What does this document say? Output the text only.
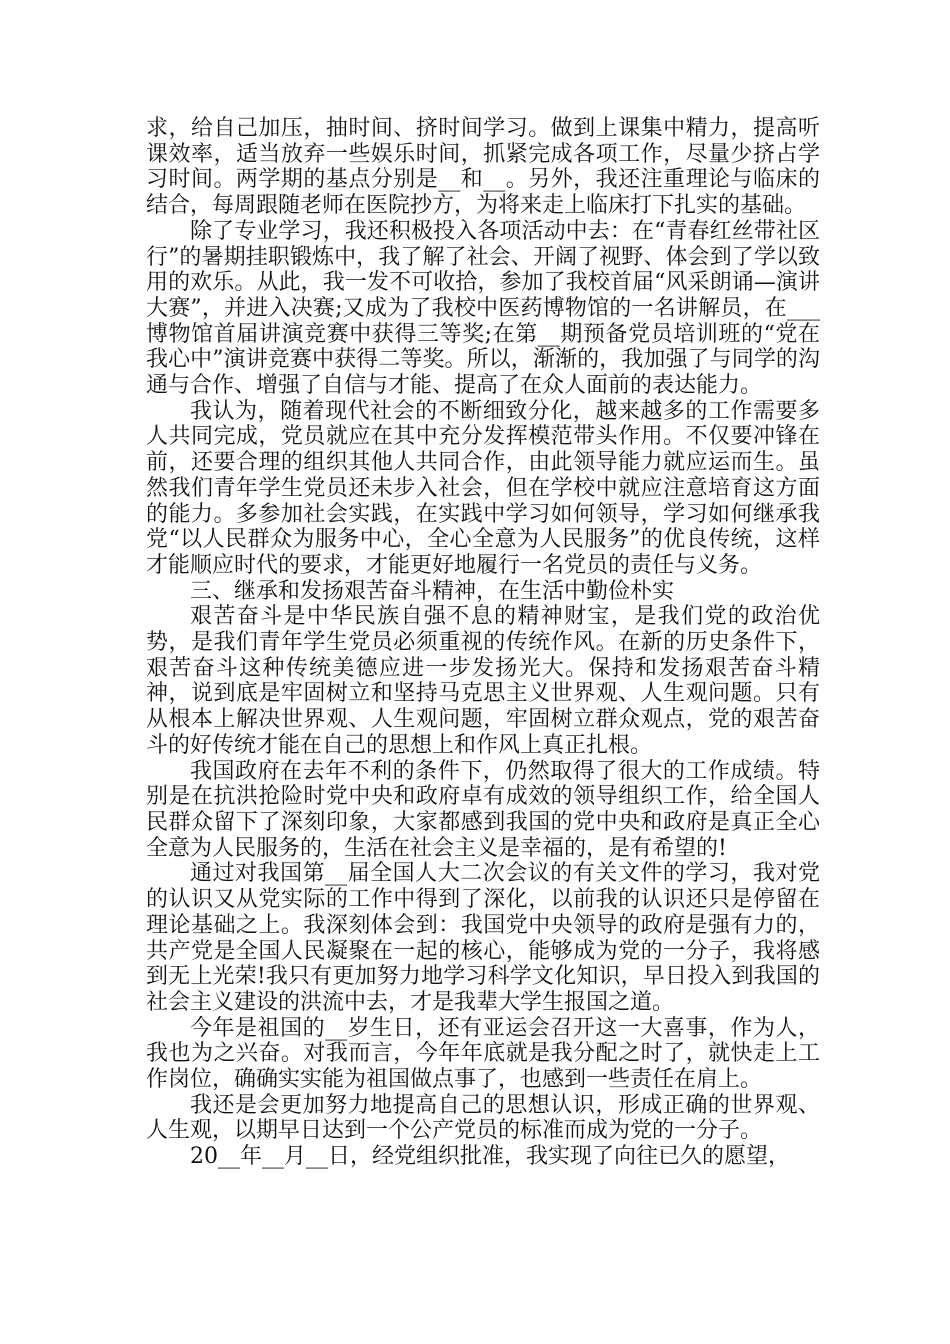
求，给自己加压，抽时间、挤时间学习。做到上课集中精力，提高听课效率，适当放弃一些娱乐时间，抓紧完成各项工作，尽量少挤占学习时间。两学期的基点分别是__和__。另外，我还注重理论与临床的结合，每周跟随老师在医院抄方，为将来走上临床打下扎实的基础。

除了专业学习，我还积极投入各项活动中去：在“青春红丝带社区行”的暑期挂职锻炼中，我了解了社会、开阔了视野、体会到了学以致用的欢乐。从此，我一发不可收拾，参加了我校首届“风采朗诵—演讲大赛”，并进入决赛;又成为了我校中医药博物馆的一名讲解员，在___博物馆首届讲演竞赛中获得三等奖;在第__期预备党员培训班的“党在我心中”演讲竞赛中获得二等奖。所以，渐渐的，我加强了与同学的沟通与合作、增强了自信与才能、提高了在众人面前的表达能力。

我认为，随着现代社会的不断细致分化，越来越多的工作需要多人共同完成，党员就应在其中充分发挥模范带头作用。不仅要冲锋在前，还要合理的组织其他人共同合作，由此领导能力就应运而生。虽然我们青年学生党员还未步入社会，但在学校中就应注意培育这方面的能力。多参加社会实践，在实践中学习如何领导，学习如何继承我党“以人民群众为服务中心，全心全意为人民服务”的优良传统，这样才能顺应时代的要求，才能更好地履行一名党员的责任与义务。

三、继承和发扬艰苦奋斗精神，在生活中勤俭朴实

艰苦奋斗是中华民族自强不息的精神财宝，是我们党的政治优势，是我们青年学生党员必须重视的传统作风。在新的历史条件下，艰苦奋斗这种传统美德应进一步发扬光大。保持和发扬艰苦奋斗精神，说到底是牢固树立和坚持马克思主义世界观、人生观问题。只有从根本上解决世界观、人生观问题，牢固树立群众观点，党的艰苦奋斗的好传统才能在自己的思想上和作风上真正扎根。

我国政府在去年不利的条件下，仍然取得了很大的工作成绩。特别是在抗洪抢险时党中央和政府卓有成效的领导组织工作，给全国人民群众留下了深刻印象，大家都感到我国的党中央和政府是真正全心全意为人民服务的，生活在社会主义是幸福的，是有希望的!

通过对我国第__届全国人大二次会议的有关文件的学习，我对党的认识又从党实际的工作中得到了深化，以前我的认识还只是停留在理论基础之上。我深刻体会到：我国党中央领导的政府是强有力的，共产党是全国人民凝聚在一起的核心，能够成为党的一分子，我将感到无上光荣!我只有更加努力地学习科学文化知识，早日投入到我国的社会主义建设的洪流中去，才是我辈大学生报国之道。

今年是祖国的__岁生日，还有亚运会召开这一大喜事，作为人，我也为之兴奋。对我而言，今年年底就是我分配之时了，就快走上工作岗位，确确实实能为祖国做点事了，也感到一些责任在肩上。

我还是会更加努力地提高自己的思想认识，形成正确的世界观、人生观，以期早日达到一个公产党员的标准而成为党的一分子。

20__年__月__日，经党组织批准，我实现了向往已久的愿望，
